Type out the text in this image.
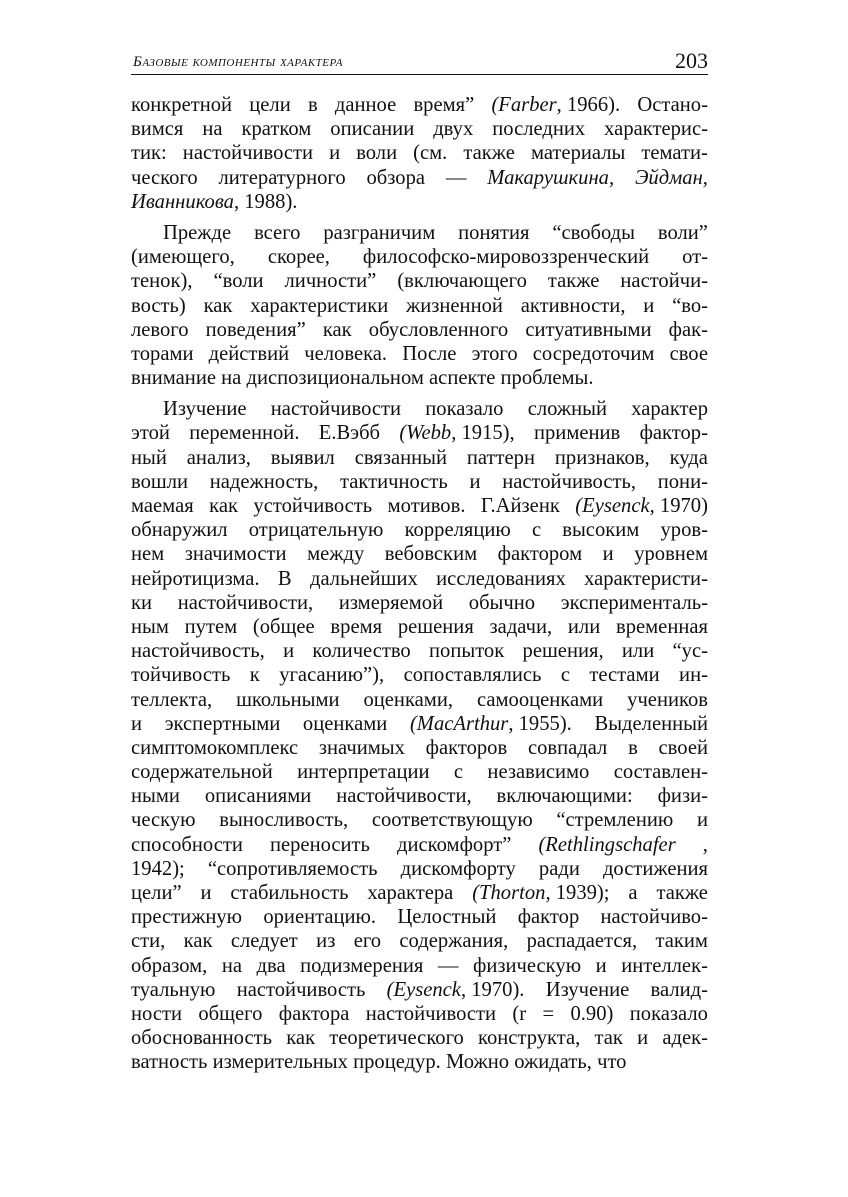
Базовые компоненты характера	203
конкретной цели в данное время” (Farber, 1966). Остано-
вимся на кратком описании двух последних характерис-
тик: настойчивости и воли (см. также материалы темати-
ческого литературного обзора — Макарушкина, Эйдман,
Иванникова, 1988).
Прежде всего разграничим понятия “свободы воли”
(имеющего, скорее, философско-мировоззренческий от-
тенок), “воли личности” (включающего также настойчи-
вость) как характеристики жизненной активности, и “во-
левого поведения” как обусловленного ситуативными фак-
торами действий человека. После этого сосредоточим свое
внимание
на
диспозициональном
аспекте
проблемы.
Изучение настойчивости показало сложный характер
этой переменной. Е.Вэбб (Webb, 1915), применив фактор-
ный анализ, выявил связанный паттерн признаков, куда
вошли надежность, тактичность и настойчивость, пони-
маемая как устойчивость мотивов. Г.Айзенк (Eysenck, 1970)
обнаружил отрицательную корреляцию с высоким уров-
нем значимости между вебовским фактором и уровнем
нейротицизма. В дальнейших исследованиях характеристи-
ки настойчивости, измеряемой обычно эксперименталь-
ным путем (общее время решения задачи, или временная
настойчивость, и количество попыток решения, или “ус-
тойчивость к угасанию”), сопоставлялись с тестами ин-
теллекта, школьными оценками, самооценками учеников
и экспертными оценками (MacArthur, 1955). Выделенный
симптомокомплекс значимых факторов совпадал в своей
содержательной интерпретации с независимо составлен-
ными описаниями настойчивости, включающими: физи-
ческую выносливость, соответствующую “стремлению и
способности переносить дискомфорт” (Rethlingschafer ,
1942); “сопротивляемость дискомфорту ради достижения
цели” и стабильность характера (Thorton, 1939); а также
престижную ориентацию. Целостный фактор настойчиво-
сти, как следует из его содержания, распадается, таким
образом, на два подизмерения — физическую и интеллек-
туальную настойчивость (Eysenck, 1970). Изучение валид-
ности общего фактора настойчивости (r = 0.90) показало
обоснованность как теоретического конструкта, так и адек-
ватность
измерительных
процедур.
Можно
ожидать,
что
